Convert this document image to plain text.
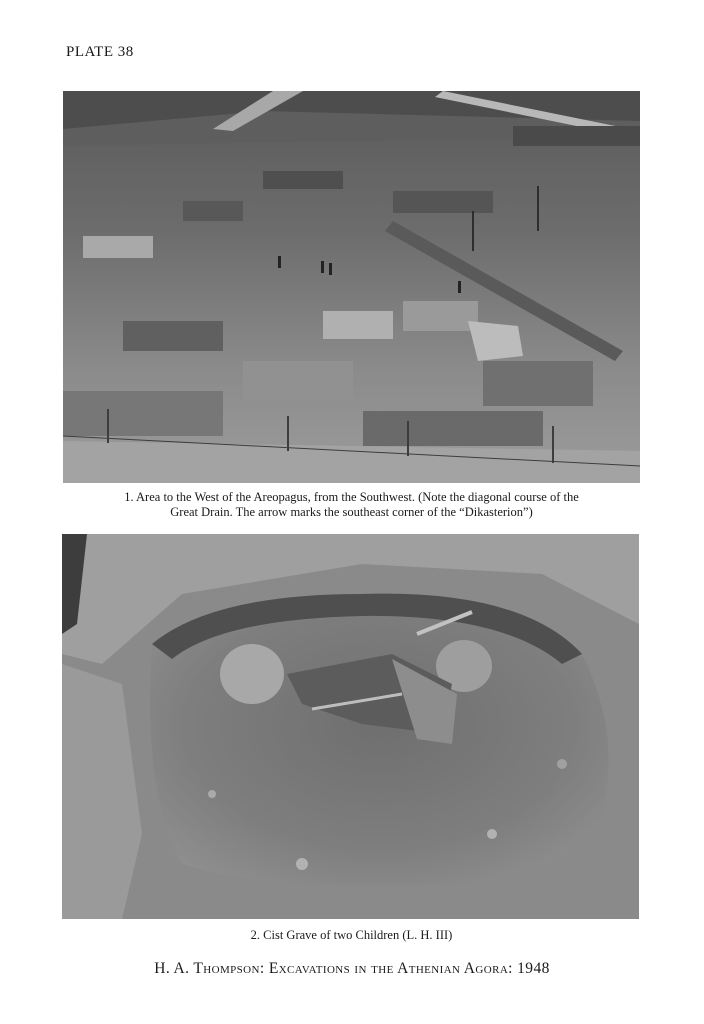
PLATE 38
1. Area to the West of the Areopagus, from the Southwest. (Note the diagonal course of the
Great Drain. The arrow marks the southeast corner of the “Dikasterion”)
2. Cist Grave of two Children (L. H. III)
H. A. Thompson: Excavations in the Athenian Agora: 1948
